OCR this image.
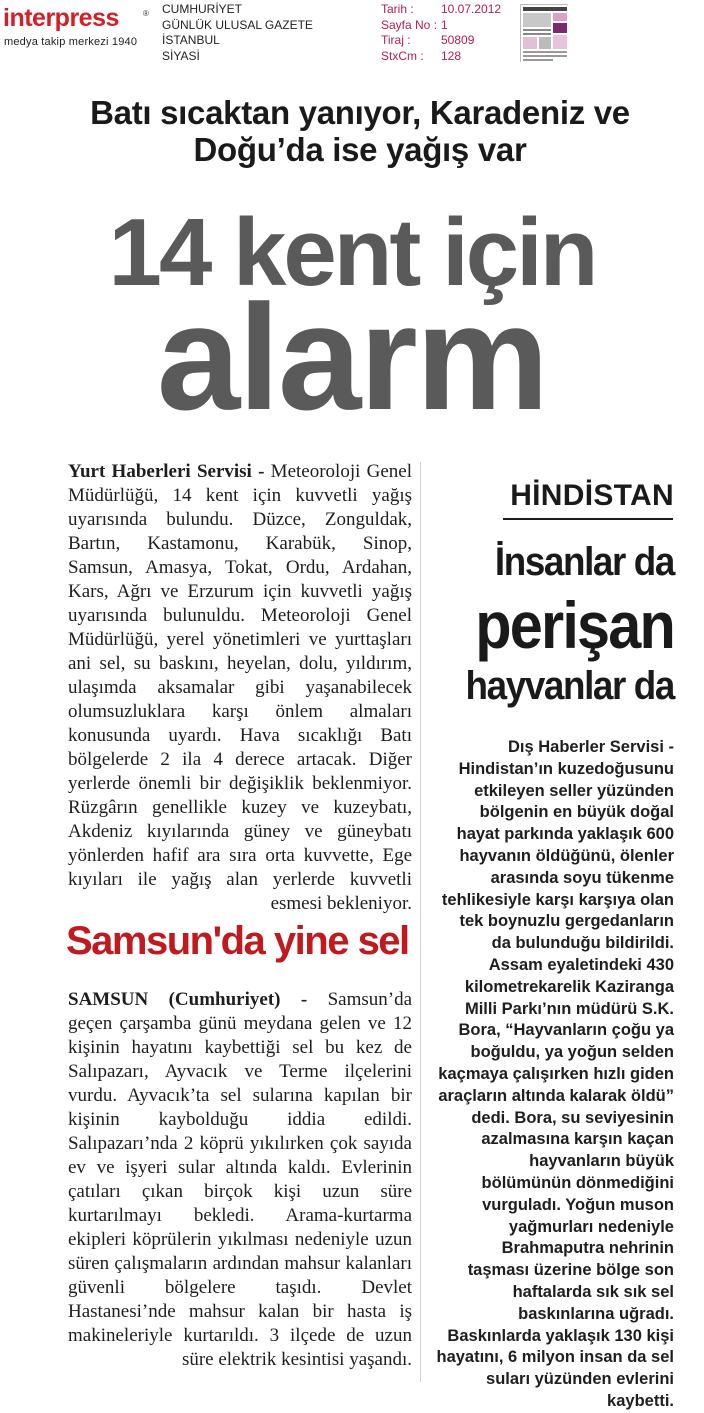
interpress	®
medya takip merkezi 1940
CUMHURİYET
GÜNLÜK ULUSAL GAZETE
İSTANBUL
SİYASİ
Tarih :	10.07.2012
Sayfa No : 1
Tiraj :	50809
StxCm :	128
Batı sıcaktan yanıyor, Karadeniz ve Doğu’da ise yağış var
14 kent için
alarm

Yurt Haberleri Servisi - Meteoroloji Genel Müdürlüğü, 14 kent için kuvvetli yağış uyarısında bulundu. Düzce, Zonguldak, Bartın, Kastamonu, Karabük, Sinop, Samsun, Amasya, Tokat, Ordu, Ardahan, Kars, Ağrı ve Erzurum için kuvvetli yağış uyarısında bulunuldu. Meteoroloji Genel Müdürlüğü, yerel yönetimleri ve yurttaşları ani sel, su baskını, heyelan, dolu, yıldırım, ulaşımda aksamalar gibi yaşanabilecek olumsuzluklara karşı önlem almaları konusunda uyardı. Hava sıcaklığı Batı bölgelerde 2 ila 4 derece artacak. Diğer yerlerde önemli bir değişiklik beklenmiyor. Rüzgârın genellikle kuzey ve kuzeybatı, Akdeniz kıyılarında güney ve güneybatı yönlerden hafif ara sıra orta kuvvette, Ege kıyıları ile yağış alan yerlerde kuvvetli esmesi bekleniyor.

Samsun'da yine sel

SAMSUN (Cumhuriyet) - Samsun’da geçen çarşamba günü meydana gelen ve 12 kişinin hayatını kaybettiği sel bu kez de Salıpazarı, Ayvacık ve Terme ilçelerini vurdu. Ayvacık’ta sel sularına kapılan bir kişinin kaybolduğu iddia edildi. Salıpazarı’nda 2 köprü yıkılırken çok sayıda ev ve işyeri sular altında kaldı. Evlerinin çatıları çıkan birçok kişi uzun süre kurtarılmayı bekledi. Arama-kurtarma ekipleri köprülerin yıkılması nedeniyle uzun süren çalışmaların ardından mahsur kalanları güvenli bölgelere taşıdı. Devlet Hastanesi’nde mahsur kalan bir hasta iş makineleriyle kurtarıldı. 3 ilçede de uzun süre elektrik kesintisi yaşandı.

HİNDİSTAN
İnsanlar da
perişan
hayvanlar da

Dış Haberler Servisi - Hindistan’ın kuzedoğusunu etkileyen seller yüzünden bölgenin en büyük doğal hayat parkında yaklaşık 600 hayvanın öldüğünü, ölenler arasında soyu tükenme tehlikesiyle karşı karşıya olan tek boynuzlu gergedanların da bulunduğu bildirildi. Assam eyaletindeki 430 kilometrekarelik Kaziranga Milli Parkı’nın müdürü S.K. Bora, “Hayvanların çoğu ya boğuldu, ya yoğun selden kaçmaya çalışırken hızlı giden araçların altında kalarak öldü” dedi. Bora, su seviyesinin azalmasına karşın kaçan hayvanların büyük bölümünün dönmediğini vurguladı. Yoğun muson yağmurları nedeniyle Brahmaputra nehrinin taşması üzerine bölge son haftalarda sık sık sel baskınlarına uğradı. Baskınlarda yaklaşık 130 kişi hayatını, 6 milyon insan da sel suları yüzünden evlerini kaybetti.
